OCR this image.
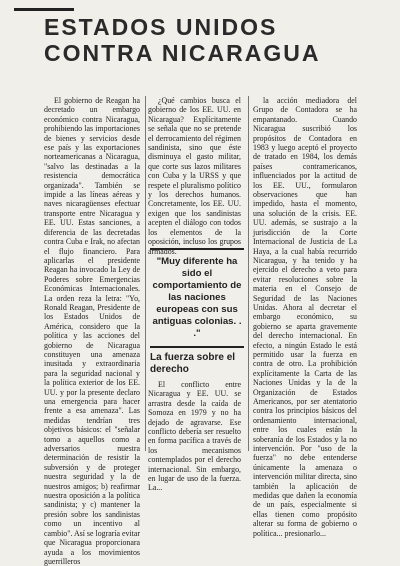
ESTADOS UNIDOS
CONTRA NICARAGUA

El gobierno de Reagan ha decretado un embargo económico contra Nicaragua, prohibiendo las importaciones de bienes y servicios desde ese país y las exportaciones norteamericanas a Nicaragua, "salvo las destinadas a la resistencia democrática organizada". También se impide a las líneas aéreas y naves nicaragüenses efectuar transporte entre Nicaragua y EE. UU. Estas sanciones, a diferencia de las decretadas contra Cuba e Irak, no afectan el flujo financiero. Para aplicarlas el presidente Reagan ha invocado la Ley de Poderes sobre Emergencias Económicas Internacionales. La orden reza la letra: "Yo, Ronald Reagan, Presidente de los Estados Unidos de América, considero que la política y las acciones del gobierno de Nicaragua constituyen una amenaza inusitada y extraordinaria para la seguridad nacional y la política exterior de los EE. UU. y por la presente declaro una emergencia para hacer frente a esa amenaza". Las medidas tendrían tres objetivos básicos: el "señalar tomo a aquellos como a adversarios nuestra determinación de resistir la subversión y de proteger nuestra seguridad y la de nuestros amigos; b) reafirmar nuestra oposición a la política sandinista; y c) mantener la presión sobre los sandinistas como un incentivo al cambio". Así se lograría evitar que Nicaragua proporcionara ayuda a los movimientos guerrilleros

¿Qué cambios busca el gobierno de los EE. UU. en Nicaragua? Explícitamente se señala que no se pretende el derrocamiento del régimen sandinista, sino que éste disminuya el gasto militar, que corte sus lazos militares con Cuba y la URSS y que respete el pluralismo político y los derechos humanos. Concretamente, los EE. UU. exigen que los sandinistas acepten el diálogo con todos los elementos de la oposición, incluso los grupos armados.

"Muy diferente ha sido el comportamiento de las naciones europeas con sus antiguas colonias. . ."
La fuerza sobre el derecho

El conflicto entre Nicaragua y EE. UU. se arrastra desde la caída de Somoza en 1979 y no ha dejado de agravarse. Ese conflicto debería ser resuelto en forma pacífica a través de los mecanismos contemplados por el derecho internacional. Sin embargo, en lugar de uso de la fuerza. La...

la acción mediadora del Grupo de Contadora se ha empantanado. Cuando Nicaragua suscribió los propósitos de Contadora en 1983 y luego aceptó el proyecto de tratado en 1984, los demás países contramericanos, influenciados por la actitud de los EE. UU., formularon observaciones que han impedido, hasta el momento, una solución de la crisis. EE. UU. además, se sustrajo a la jurisdicción de la Corte Internacional de Justicia de La Haya, a la cual había recurrido Nicaragua, y ha tenido y ha ejercido el derecho a veto para evitar resoluciones sobre la materia en el Consejo de Seguridad de las Naciones Unidas. Ahora al decretar el embargo económico, su gobierno se aparta gravemente del derecho internacional. En efecto, a ningún Estado le está permitido usar la fuerza en contra de otro. La prohibición explícitamente la Carta de las Naciones Unidas y la de la Organización de Estados Americanos, por ser atentatorio contra los principios básicos del ordenamiento internacional, entre los cuales están la soberanía de los Estados y la no intervención. Por "uso de la fuerza" no debe entenderse únicamente la amenaza o intervención militar directa, sino también la aplicación de medidas que dañen la economía de un país, especialmente si ellas tienen como propósito alterar su forma de gobierno o política... presionarlo...
